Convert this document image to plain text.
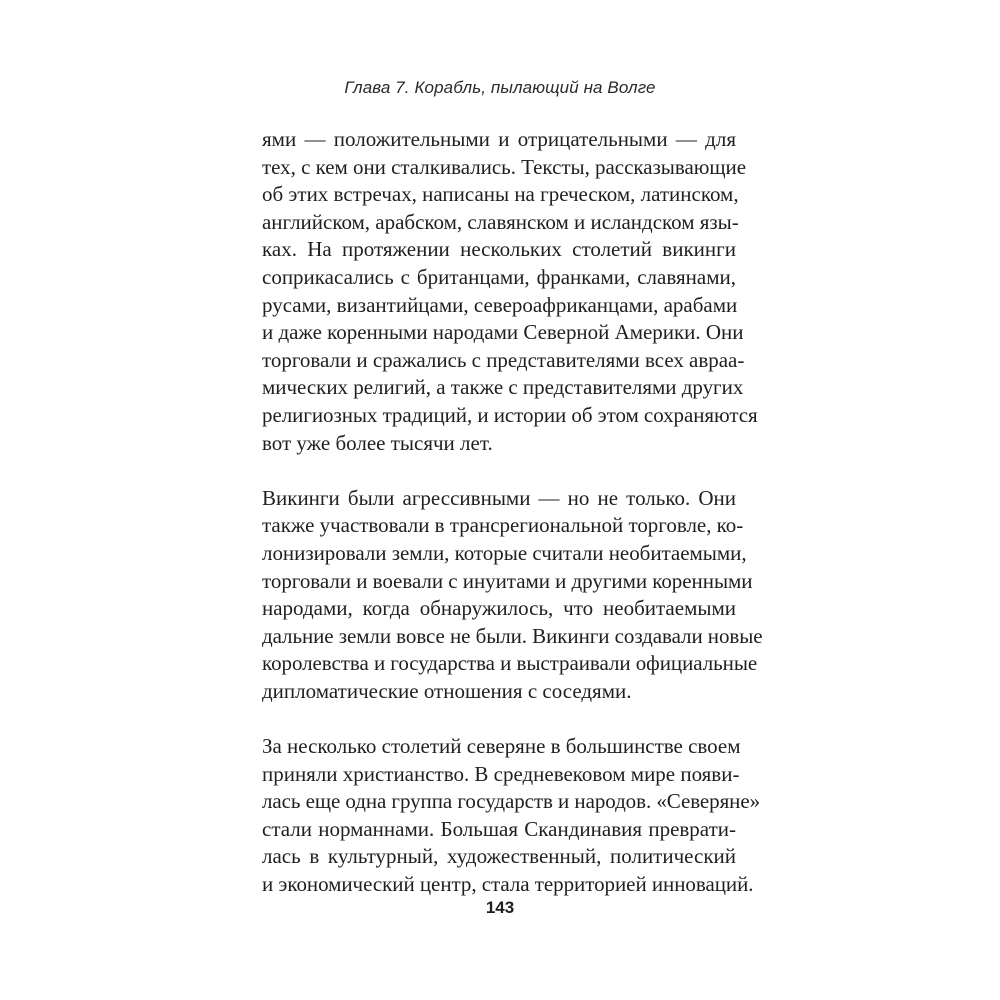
Глава 7. Корабль, пылающий на Волге

ями — положительными и отрицательными — для
тех, с кем они сталкивались. Тексты, рассказывающие
об этих встречах, написаны на греческом, латинском,
английском, арабском, славянском и исландском язы-
ках. На протяжении нескольких столетий викинги
соприкасались с британцами, франками, славянами,
русами, византийцами, североафриканцами, арабами
и даже коренными народами Северной Америки. Они
торговали и сражались с представителями всех авраа-
мических религий, а также с представителями других
религиозных традиций, и истории об этом сохраняются
вот уже более тысячи лет.

Викинги были агрессивными — но не только. Они
также участвовали в трансрегиональной торговле, ко-
лонизировали земли, которые считали необитаемыми,
торговали и воевали с инуитами и другими коренными
народами, когда обнаружилось, что необитаемыми
дальние земли вовсе не были. Викинги создавали новые
королевства и государства и выстраивали официальные
дипломатические отношения с соседями.

За несколько столетий северяне в большинстве своем
приняли христианство. В средневековом мире появи-
лась еще одна группа государств и народов. «Северяне»
стали норманнами. Большая Скандинавия преврати-
лась в культурный, художественный, политический
и экономический центр, стала территорией инноваций.

143
